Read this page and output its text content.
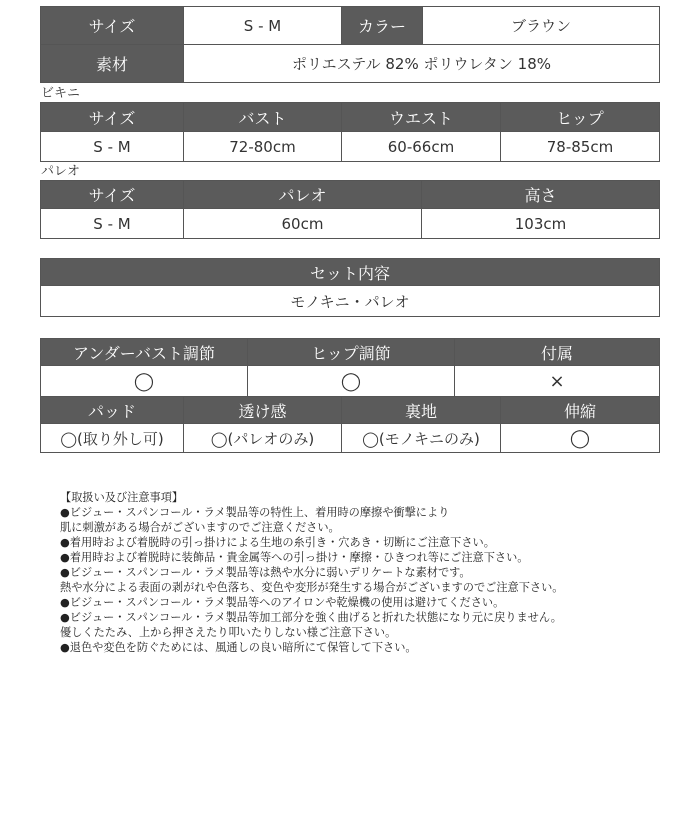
サイズ	S - M	カラー	ブラウン
素材	ポリエステル 82% ポリウレタン 18%		
ビキニ
サイズ	バスト	ウエスト	ヒップ
S - M	72-80cm	60-66cm	78-85cm
パレオ
サイズ	パレオ	高さ
S - M	60cm	103cm
セット内容
モノキニ・パレオ
アンダーバスト調節	ヒップ調節	付属
◯	◯	×
パッド	透け感	裏地	伸縮
◯(取り外し可)	◯(パレオのみ)	◯(モノキニのみ)	◯
【取扱い及び注意事項】
●ビジュー・スパンコール・ラメ製品等の特性上、着用時の摩擦や衝撃により
肌に刺激がある場合がございますのでご注意ください。
●着用時および着脱時の引っ掛けによる生地の糸引き・穴あき・切断にご注意下さい。
●着用時および着脱時に装飾品・貴金属等への引っ掛け・摩擦・ひきつれ等にご注意下さい。
●ビジュー・スパンコール・ラメ製品等は熱や水分に弱いデリケートな素材です。
熱や水分による表面の剥がれや色落ち、変色や変形が発生する場合がございますのでご注意下さい。
●ビジュー・スパンコール・ラメ製品等へのアイロンや乾燥機の使用は避けてください。
●ビジュー・スパンコール・ラメ製品等加工部分を強く曲げると折れた状態になり元に戻りません。
優しくたたみ、上から押さえたり叩いたりしない様ご注意下さい。
●退色や変色を防ぐためには、風通しの良い暗所にて保管して下さい。
